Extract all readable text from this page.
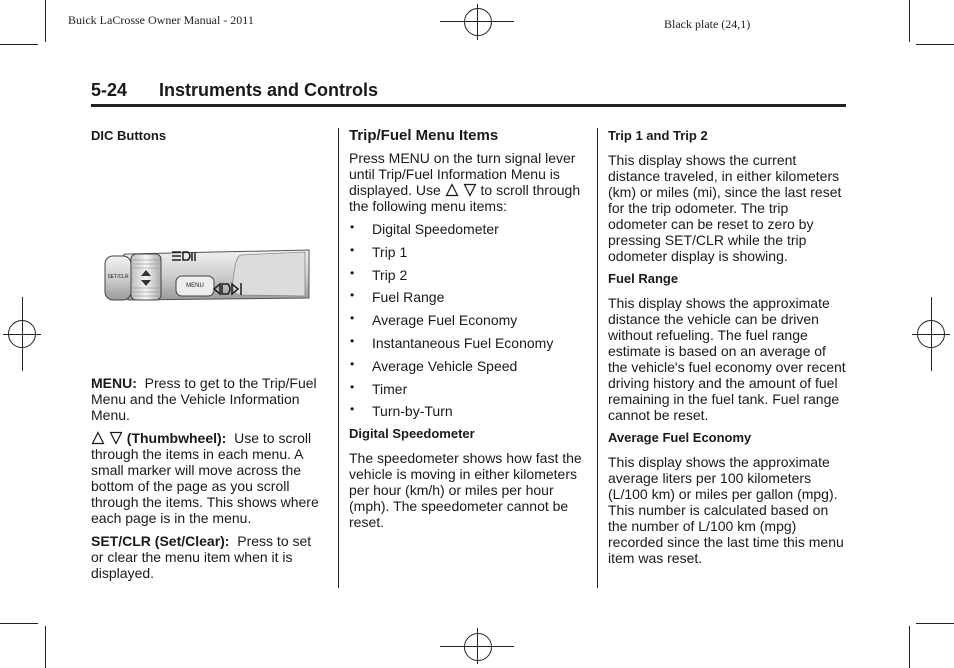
Buick LaCrosse Owner Manual - 2011	Black plate (24,1)
5-24 Instruments and Controls
DIC Buttons
SET/CLR
MENU

MENU: Press to get to the Trip/Fuel Menu and the Vehicle Information Menu.

(Thumbwheel): Use to scroll through the items in each menu. A small marker will move across the bottom of the page as you scroll through the items. This shows where each page is in the menu.

SET/CLR (Set/Clear): Press to set or clear the menu item when it is displayed.

Trip/Fuel Menu Items

Press MENU on the turn signal lever until Trip/Fuel Information Menu is displayed. Use	to scroll through the following menu items:

• Digital Speedometer
• Trip 1
• Trip 2
• Fuel Range
• Average Fuel Economy
• Instantaneous Fuel Economy
• Average Vehicle Speed
• Timer
• Turn-by-Turn
Digital Speedometer

The speedometer shows how fast the vehicle is moving in either kilometers per hour (km/h) or miles per hour (mph). The speedometer cannot be reset.

Trip 1 and Trip 2

This display shows the current distance traveled, in either kilometers (km) or miles (mi), since the last reset for the trip odometer. The trip odometer can be reset to zero by pressing SET/CLR while the trip odometer display is showing.

Fuel Range

This display shows the approximate distance the vehicle can be driven without refueling. The fuel range estimate is based on an average of the vehicle's fuel economy over recent driving history and the amount of fuel remaining in the fuel tank. Fuel range cannot be reset.

Average Fuel Economy

This display shows the approximate average liters per 100 kilometers (L/100 km) or miles per gallon (mpg). This number is calculated based on the number of L/100 km (mpg) recorded since the last time this menu item was reset.
